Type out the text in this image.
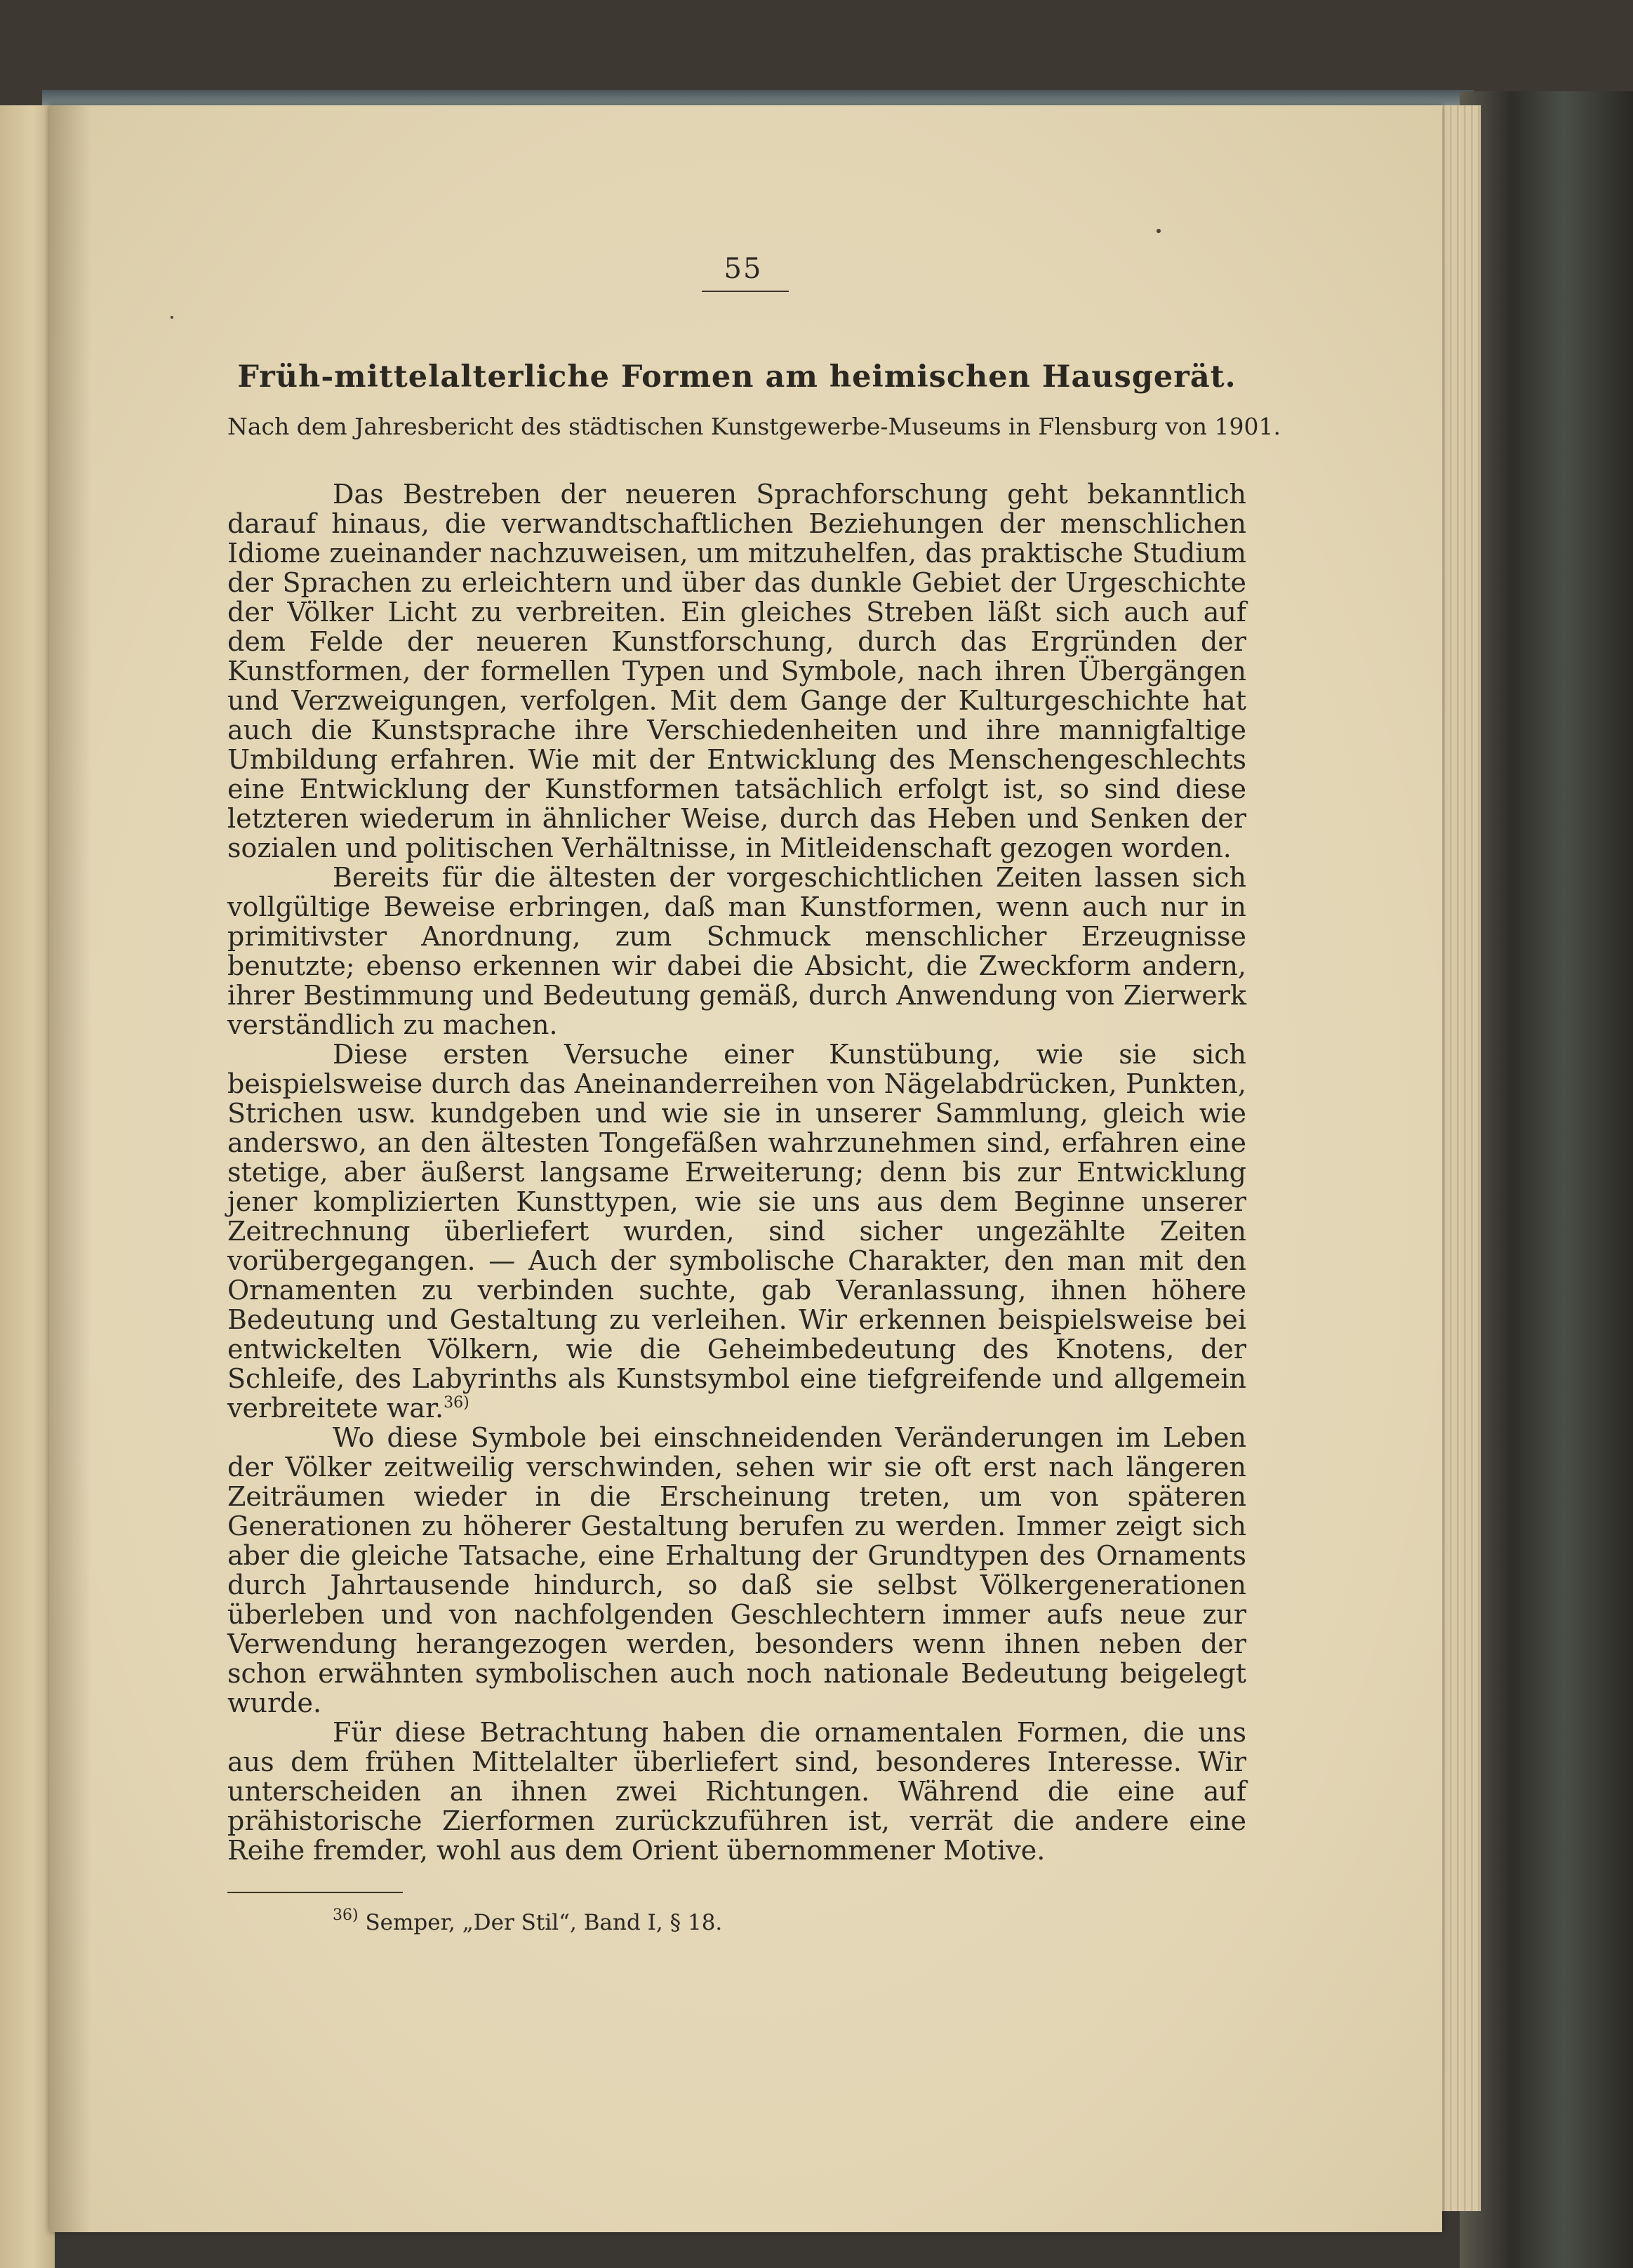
55
Früh-mittelalterliche Formen am heimischen Hausgerät.
Nach dem Jahresbericht des städtischen Kunstgewerbe-Museums in Flensburg von 1901.

Das Bestreben der neueren Sprachforschung geht bekanntlich darauf hinaus, die verwandtschaftlichen Beziehungen der menschlichen Idiome zueinander nachzuweisen, um mitzuhelfen, das praktische Studium der Sprachen zu erleichtern und über das dunkle Gebiet der Urgeschichte der Völker Licht zu verbreiten. Ein gleiches Streben läßt sich auch auf dem Felde der neueren Kunstforschung, durch das Ergründen der Kunstformen, der formellen Typen und Symbole, nach ihren Übergängen und Verzweigungen, verfolgen. Mit dem Gange der Kulturgeschichte hat auch die Kunstsprache ihre Verschiedenheiten und ihre mannigfaltige Umbildung erfahren. Wie mit der Entwicklung des Menschengeschlechts eine Entwicklung der Kunstformen tatsächlich erfolgt ist, so sind diese letzteren wiederum in ähnlicher Weise, durch das Heben und Senken der sozialen und politischen Verhältnisse, in Mitleidenschaft gezogen worden.

Bereits für die ältesten der vorgeschichtlichen Zeiten lassen sich vollgültige Beweise erbringen, daß man Kunstformen, wenn auch nur in primitivster Anordnung, zum Schmuck menschlicher Erzeugnisse benutzte; ebenso erkennen wir dabei die Absicht, die Zweckform andern, ihrer Bestimmung und Bedeutung gemäß, durch Anwendung von Zierwerk verständlich zu machen.

Diese ersten Versuche einer Kunstübung, wie sie sich beispielsweise durch das Aneinanderreihen von Nägelabdrücken, Punkten, Strichen usw. kundgeben und wie sie in unserer Sammlung, gleich wie anderswo, an den ältesten Tongefäßen wahrzunehmen sind, erfahren eine stetige, aber äußerst langsame Erweiterung; denn bis zur Entwicklung jener komplizierten Kunsttypen, wie sie uns aus dem Beginne unserer Zeitrechnung überliefert wurden, sind sicher ungezählte Zeiten vorübergegangen. — Auch der symbolische Charakter, den man mit den Ornamenten zu verbinden suchte, gab Veranlassung, ihnen höhere Bedeutung und Gestaltung zu verleihen. Wir erkennen beispielsweise bei entwickelten Völkern, wie die Geheimbedeutung des Knotens, der Schleife, des Labyrinths als Kunstsymbol eine tiefgreifende und allgemein verbreitete war.$^{36)}$

Wo diese Symbole bei einschneidenden Veränderungen im Leben der Völker zeitweilig verschwinden, sehen wir sie oft erst nach längeren Zeiträumen wieder in die Erscheinung treten, um von späteren Generationen zu höherer Gestaltung berufen zu werden. Immer zeigt sich aber die gleiche Tatsache, eine Erhaltung der Grundtypen des Ornaments durch Jahrtausende hindurch, so daß sie selbst Völkergenerationen überleben und von nachfolgenden Geschlechtern immer aufs neue zur Verwendung herangezogen werden, besonders wenn ihnen neben der schon erwähnten symbolischen auch noch nationale Bedeutung beigelegt wurde.

Für diese Betrachtung haben die ornamentalen Formen, die uns aus dem frühen Mittelalter überliefert sind, besonderes Interesse. Wir unterscheiden an ihnen zwei Richtungen. Während die eine auf prähistorische Zierformen zurückzuführen ist, verrät die andere eine Reihe fremder, wohl aus dem Orient übernommener Motive.

$^{36)}$ Semper, „Der Stil“, Band I, § 18.
